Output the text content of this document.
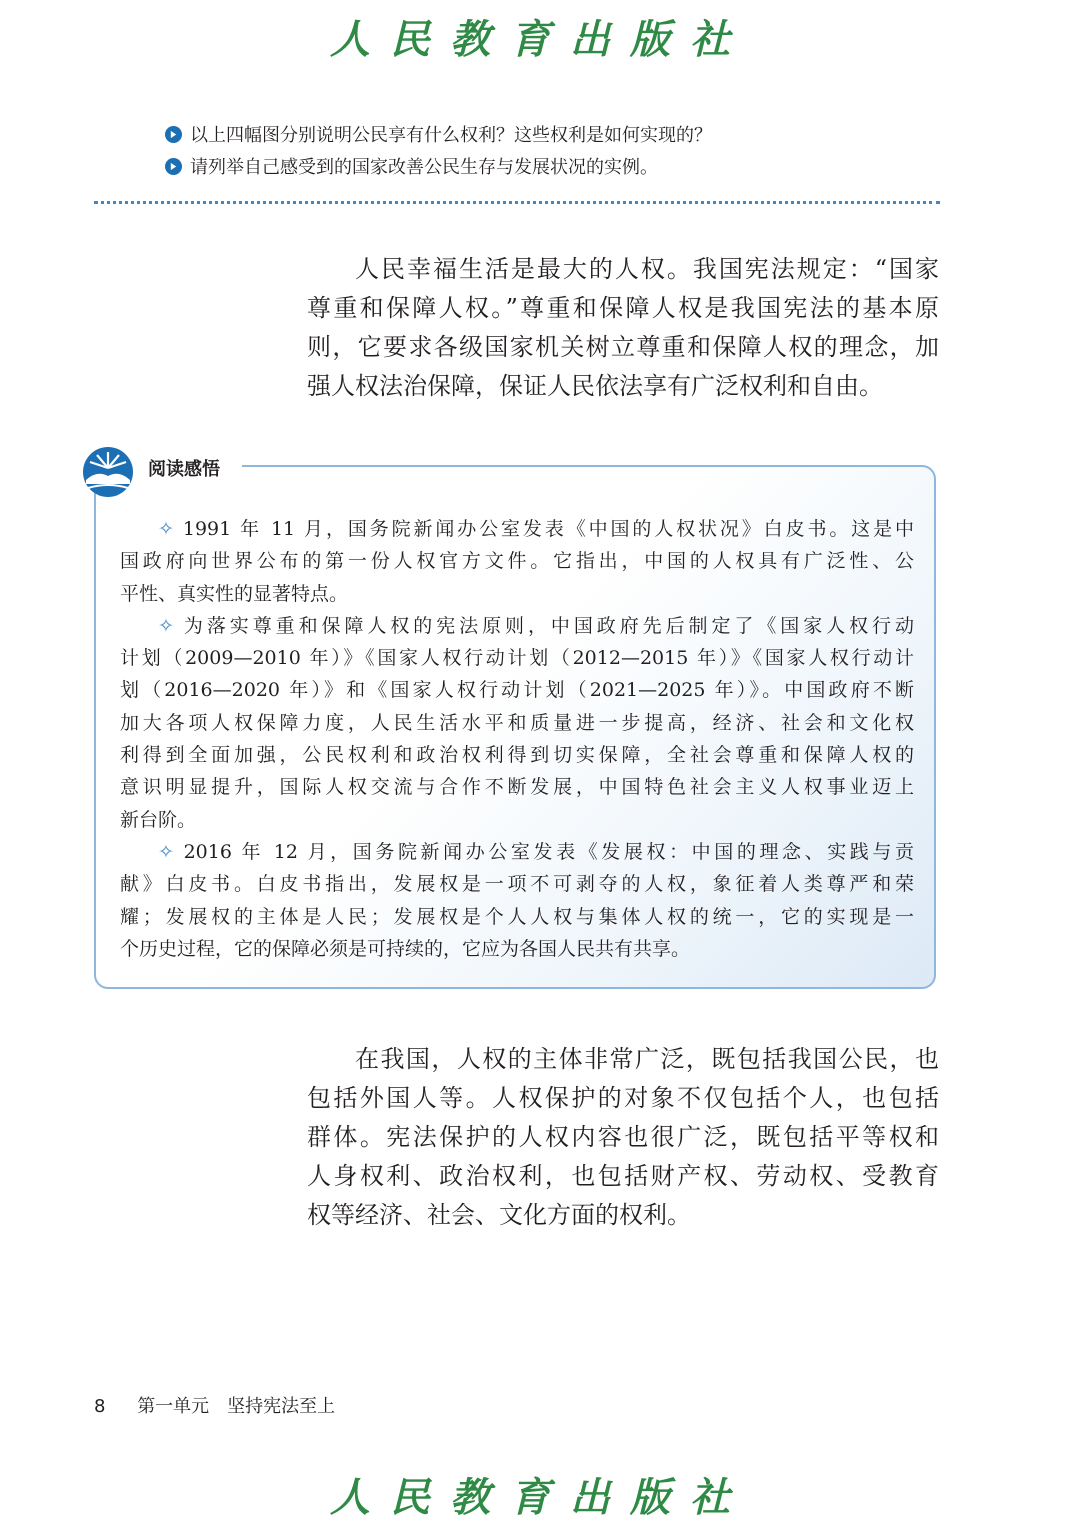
人民教育出版社
以上四幅图分别说明公民享有什么权利？这些权利是如何实现的？
请列举自己感受到的国家改善公民生存与发展状况的实例。
人民幸福生活是最大的人权。我国宪法规定：“国家
尊重和保障人权。”尊重和保障人权是我国宪法的基本原
则，它要求各级国家机关树立尊重和保障人权的理念，加
强人权法治保障，保证人民依法享有广泛权利和自由。
阅读感悟
✧ 1991 年 11 月，国务院新闻办公室发表《中国的人权状况》白皮书。这是中
国政府向世界公布的第一份人权官方文件。它指出，中国的人权具有广泛性、公
平性、真实性的显著特点。
✧ 为落实尊重和保障人权的宪法原则，中国政府先后制定了《国家人权行动
计划（2009—2010 年）》《国家人权行动计划（2012—2015 年）》《国家人权行动计
划（2016—2020 年）》和《国家人权行动计划（2021—2025 年）》。中国政府不断
加大各项人权保障力度，人民生活水平和质量进一步提高，经济、社会和文化权
利得到全面加强，公民权利和政治权利得到切实保障，全社会尊重和保障人权的
意识明显提升，国际人权交流与合作不断发展，中国特色社会主义人权事业迈上
新台阶。
✧ 2016 年 12 月，国务院新闻办公室发表《发展权：中国的理念、实践与贡
献》白皮书。白皮书指出，发展权是一项不可剥夺的人权，象征着人类尊严和荣
耀；发展权的主体是人民；发展权是个人人权与集体人权的统一，它的实现是一
个历史过程，它的保障必须是可持续的，它应为各国人民共有共享。
在我国，人权的主体非常广泛，既包括我国公民，也
包括外国人等。人权保护的对象不仅包括个人，也包括
群体。宪法保护的人权内容也很广泛，既包括平等权和
人身权利、政治权利，也包括财产权、劳动权、受教育
权等经济、社会、文化方面的权利。
8 第一单元　坚持宪法至上
人民教育出版社
